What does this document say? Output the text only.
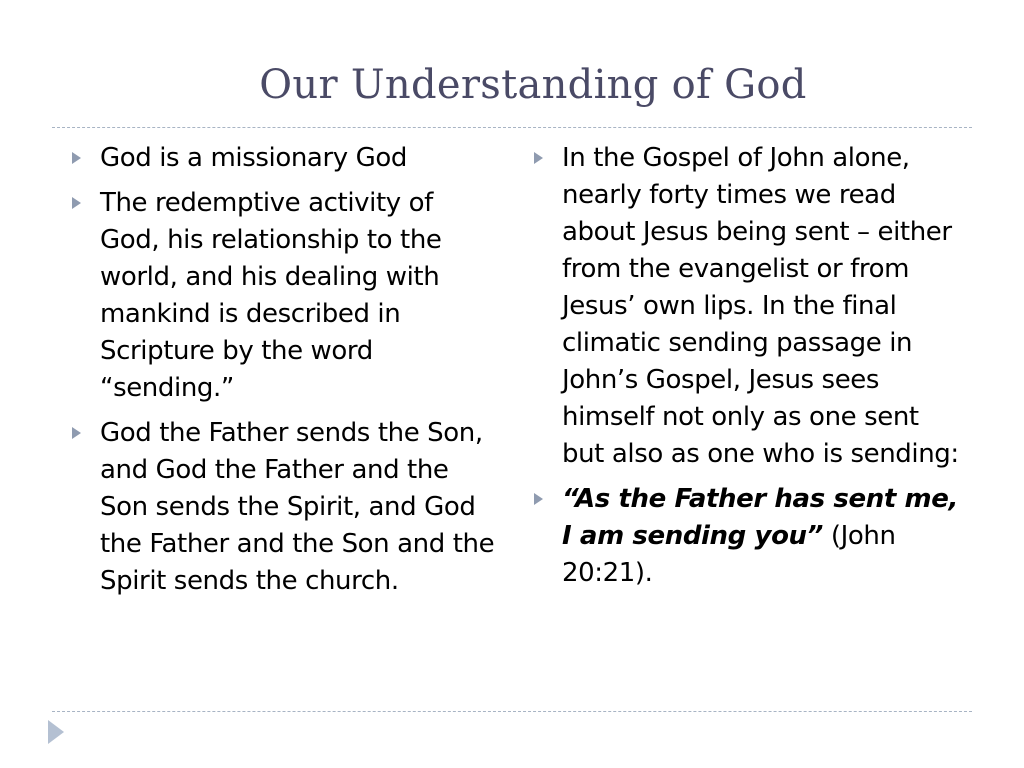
Our Understanding of God
God is a missionary God
The redemptive activity of God, his relationship to the world, and his dealing with mankind is described in Scripture by the word “sending.”
God the Father sends the Son, and God the Father and the Son sends the Spirit, and God the Father and the Son and the Spirit sends the church.
In the Gospel of John alone, nearly forty times we read about Jesus being sent – either from the evangelist or from Jesus’ own lips. In the final climatic sending passage in John’s Gospel, Jesus sees himself not only as one sent but also as one who is sending:
“As the Father has sent me, I am sending you” (John 20:21).
